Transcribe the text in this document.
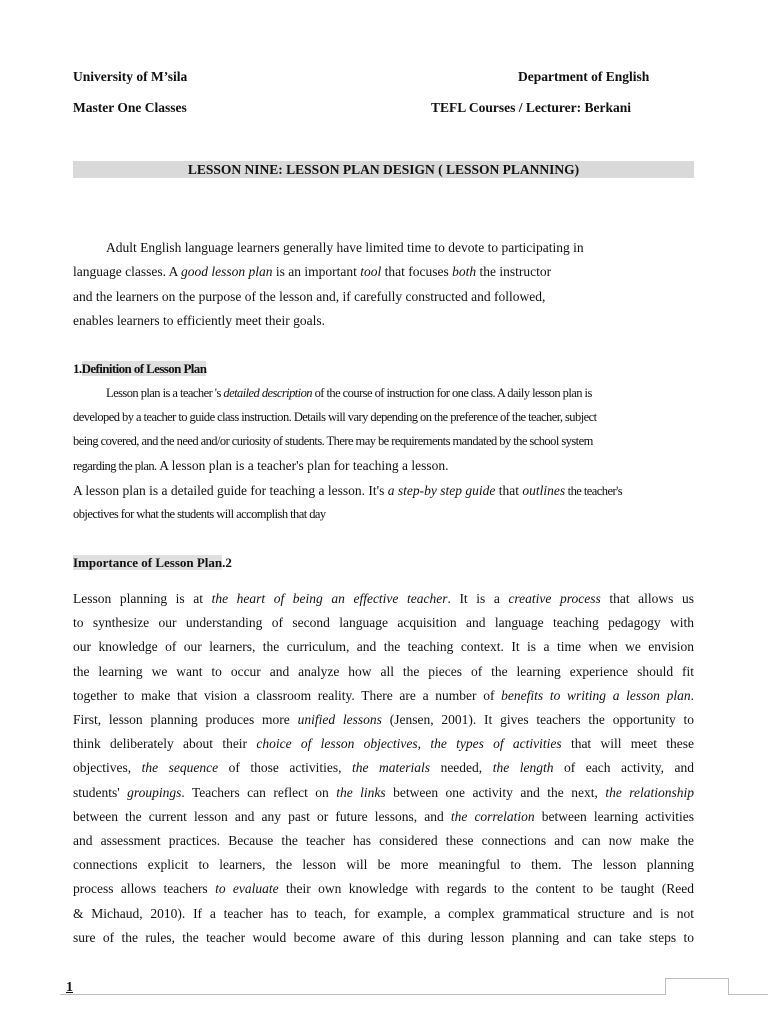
University of M’sila	Department of English
Master One Classes	TEFL Courses / Lecturer: Berkani
LESSON NINE: LESSON PLAN DESIGN ( LESSON PLANNING)
Adult English language learners generally have limited time to devote to participating in
language classes. A good lesson plan is an important tool that focuses both the instructor
and the learners on the purpose of the lesson and, if carefully constructed and followed,
enables learners to efficiently meet their goals.
1.Definition of Lesson Plan
Lesson plan is a teacher 's detailed description of the course of instruction for one class. A daily lesson plan is
developed by a teacher to guide class instruction. Details will vary depending on the preference of the teacher, subject
being covered, and the need and/or curiosity of students. There may be requirements mandated by the school system
regarding the plan. A lesson plan is a teacher's plan for teaching a lesson.
A lesson plan is a detailed guide for teaching a lesson. It's a step-by step guide that outlines the teacher's
objectives for what the students will accomplish that day
Importance of Lesson Plan.2
Lesson planning is at the heart of being an effective teacher. It is a creative process that allows us
to synthesize our understanding of second language acquisition and language teaching pedagogy with
our knowledge of our learners, the curriculum, and the teaching context. It is a time when we envision
the learning we want to occur and analyze how all the pieces of the learning experience should fit
together to make that vision a classroom reality. There are a number of benefits to writing a lesson plan.
First, lesson planning produces more unified lessons (Jensen, 2001). It gives teachers the opportunity to
think deliberately about their choice of lesson objectives, the types of activities that will meet these
objectives, the sequence of those activities, the materials needed, the length of each activity, and
students' groupings. Teachers can reflect on the links between one activity and the next, the relationship
between the current lesson and any past or future lessons, and the correlation between learning activities
and assessment practices. Because the teacher has considered these connections and can now make the
connections explicit to learners, the lesson will be more meaningful to them. The lesson planning
process allows teachers to evaluate their own knowledge with regards to the content to be taught (Reed
& Michaud, 2010). If a teacher has to teach, for example, a complex grammatical structure and is not
sure of the rules, the teacher would become aware of this during lesson planning and can take steps to
1
